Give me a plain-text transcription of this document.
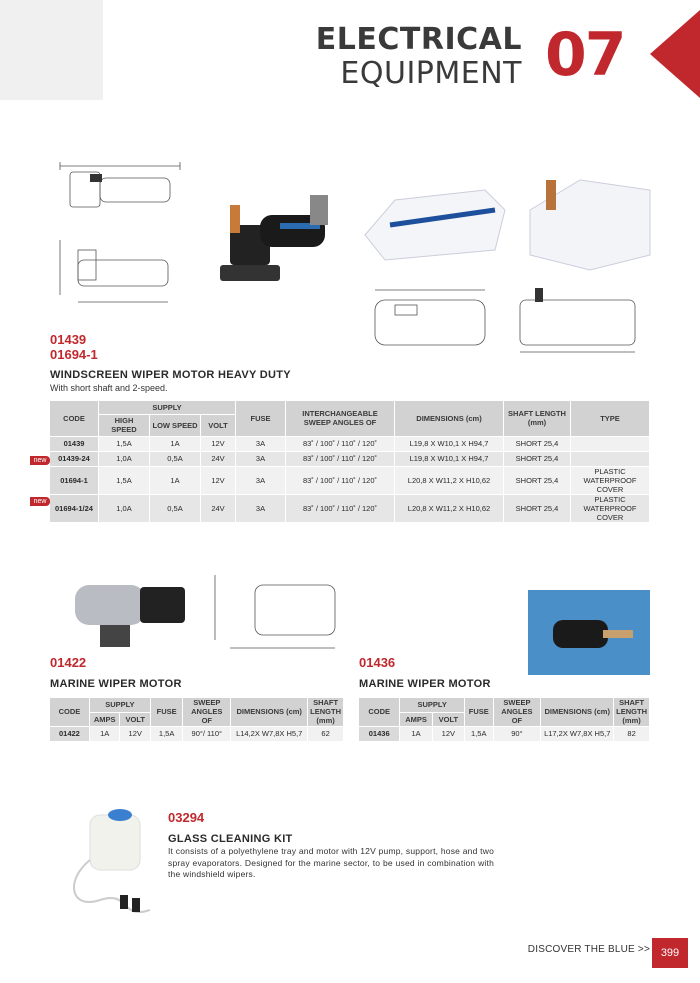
ELECTRICAL
EQUIPMENT 07
01439
01694-1
WINDSCREEN WIPER MOTOR HEAVY DUTY
With short shaft and 2-speed.
CODE	SUPPLY			FUSE	INTERCHANGEABLE SWEEP ANGLES OF	DIMENSIONS (cm)	SHAFT LENGTH (mm)	TYPE
	HIGH SPEED	LOW SPEED	VOLT					
01439	1,5A	1A	12V	3A	83˚ / 100˚ / 110˚ / 120˚	L19,8 X W10,1 X H94,7	SHORT 25,4	
01439-24	1,0A	0,5A	24V	3A	83˚ / 100˚ / 110˚ / 120˚	L19,8 X W10,1 X H94,7	SHORT 25,4	
01694-1	1,5A	1A	12V	3A	83˚ / 100˚ / 110˚ / 120˚	L20,8 X W11,2 X H10,62	SHORT 25,4	PLASTIC WATERPROOF COVER
01694-1/24	1,0A	0,5A	24V	3A	83˚ / 100˚ / 110˚ / 120˚	L20,8 X W11,2 X H10,62	SHORT 25,4	PLASTIC WATERPROOF COVER
new
new
01422
MARINE WIPER MOTOR
CODE	SUPPLY		FUSE	SWEEP ANGLES OF	DIMENSIONS (cm)	SHAFT LENGTH (mm)
	AMPS	VOLT				
01422	1A	12V	1,5A	90°/ 110°	L14,2X W7,8X H5,7	62
01436
MARINE WIPER MOTOR
CODE	SUPPLY		FUSE	SWEEP ANGLES OF	DIMENSIONS (cm)	SHAFT LENGTH (mm)
	AMPS	VOLT				
01436	1A	12V	1,5A	90°	L17,2X W7,8X H5,7	82
03294
GLASS CLEANING KIT
It consists of a polyethylene tray and motor with 12V pump, support, hose and two spray evaporators. Designed for the marine sector, to be used in combination with the windshield wipers.
DISCOVER THE BLUE >> 399
